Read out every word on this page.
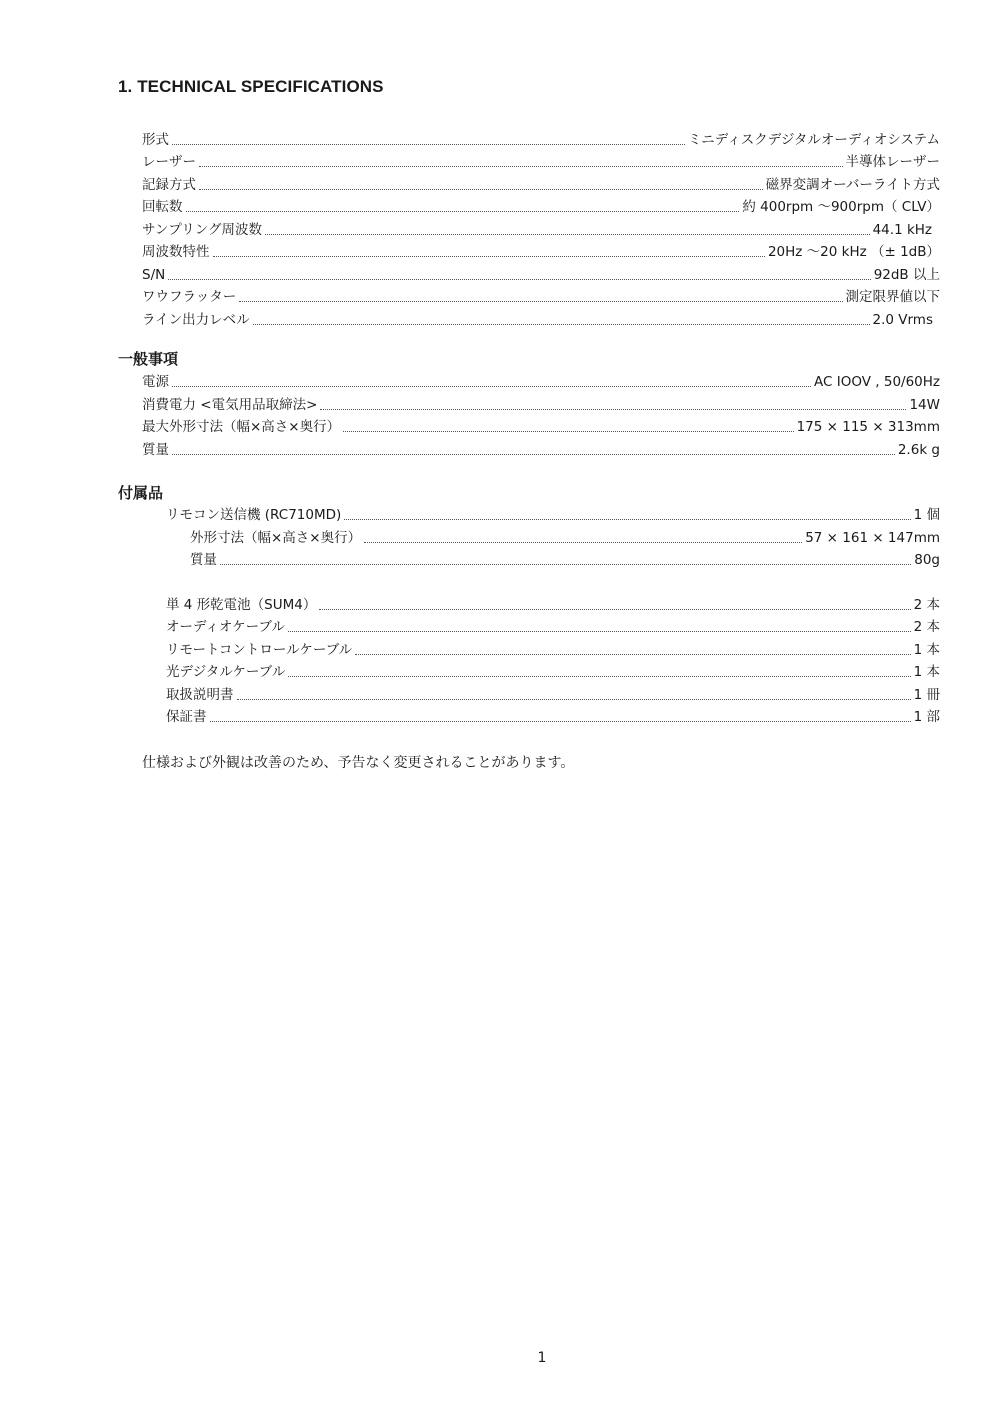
1. TECHNICAL SPECIFICATIONS
形式	ミニディスクデジタルオーディオシステム
レーザー	半導体レーザー
記録方式	磁界変調オーバーライト方式
回転数	約 400rpm ～900rpm（ CLV）
サンプリング周波数	44.1 kHz
周波数特性	20Hz ～20 kHz （± 1dB）
S/N	92dB 以上
ワウフラッター	測定限界値以下
ライン出力レベル	2.0 Vrms
一般事項
電源	AC IOOV , 50/60Hz
消費電力 <電気用品取締法>	14W
最大外形寸法（幅×高さ×奥行）	175 × 115 × 313mm
質量	2.6k g
付属品
リモコン送信機 (RC710MD)	1 個
外形寸法（幅×高さ×奥行）	57 × 161 × 147mm
質量	80g
単 4 形乾電池（SUM4）	2 本
オーディオケーブル	2 本
リモートコントロールケーブル	1 本
光デジタルケーブル	1 本
取扱説明書	1 冊
保証書	1 部
仕様および外観は改善のため、予告なく変更されることがあります。
1
